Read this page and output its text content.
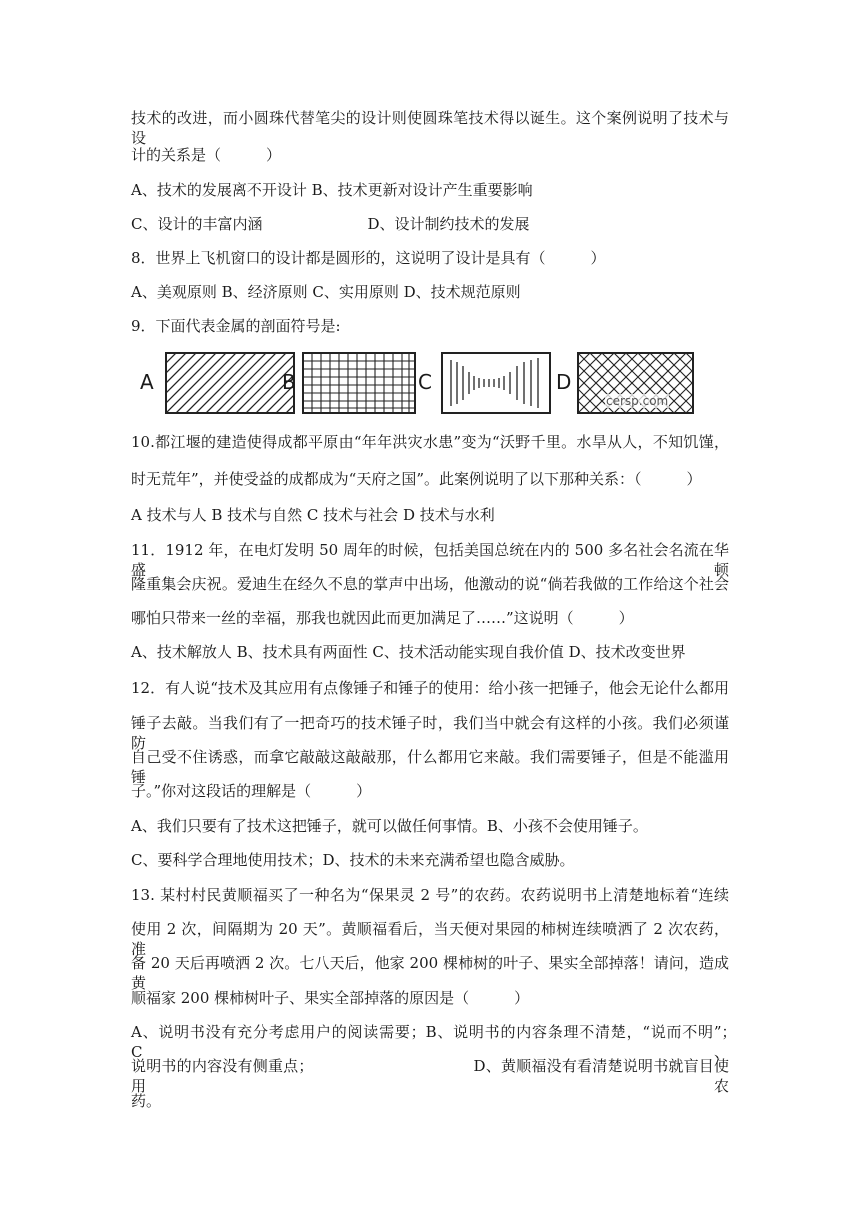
技术的改进，而小圆珠代替笔尖的设计则使圆珠笔技术得以诞生。这个案例说明了技术与设
计的关系是（　　　）
A、技术的发展离不开设计 B、技术更新对设计产生重要影响
C、设计的丰富内涵　　　　　　　D、设计制约技术的发展
8．世界上飞机窗口的设计都是圆形的，这说明了设计是具有（　　　）
A、美观原则 B、经济原则 C、实用原则 D、技术规范原则
9．下面代表金属的剖面符号是:
A	B	C	D
cersp.com
10.都江堰的建造使得成都平原由“年年洪灾水患”变为“沃野千里。水旱从人，不知饥馑，
时无荒年”，并使受益的成都成为“天府之国”。此案例说明了以下那种关系：（　　　）
A 技术与人 B 技术与自然 C 技术与社会 D 技术与水利
11．1912 年，在电灯发明 50 周年的时候，包括美国总统在内的 500 多名社会名流在华盛顿
隆重集会庆祝。爱迪生在经久不息的掌声中出场，他激动的说“倘若我做的工作给这个社会
哪怕只带来一丝的幸福，那我也就因此而更加满足了……”这说明（　　　）
A、技术解放人 B、技术具有两面性 C、技术活动能实现自我价值 D、技术改变世界
12．有人说“技术及其应用有点像锤子和锤子的使用：给小孩一把锤子，他会无论什么都用
锤子去敲。当我们有了一把奇巧的技术锤子时，我们当中就会有这样的小孩。我们必须谨防
自己受不住诱惑，而拿它敲敲这敲敲那，什么都用它来敲。我们需要锤子，但是不能滥用锤
子。”你对这段话的理解是（　　　）
A、我们只要有了技术这把锤子，就可以做任何事情。B、小孩不会使用锤子。
C、要科学合理地使用技术；D、技术的未来充满希望也隐含威胁。
13. 某村村民黄顺福买了一种名为“保果灵 2 号”的农药。农药说明书上清楚地标着“连续
使用 2 次，间隔期为 20 天”。黄顺福看后，当天便对果园的柿树连续喷洒了 2 次农药，准
备 20 天后再喷洒 2 次。七八天后，他家 200 棵柿树的叶子、果实全部掉落！请问，造成黄
顺福家 200 棵柿树叶子、果实全部掉落的原因是（　　　）
A、说明书没有充分考虑用户的阅读需要；B、说明书的内容条理不清楚，“说而不明”；　　C、
说明书的内容没有侧重点；　　　　　　　　　　　D、黄顺福没有看清楚说明书就盲目使用农
药。
